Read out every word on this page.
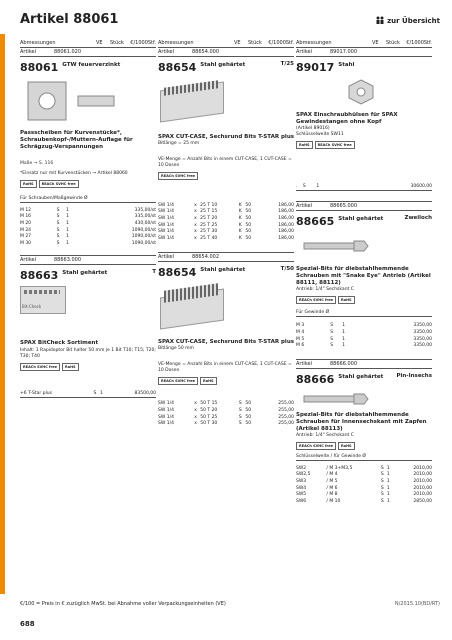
Artikel 88061	zur Übersicht
Abmessungen	VE	Stück	€/1000Stf.
Artikel	88061.020
88061 GTW feuerverzinkt
Passscheiben für Kurvenstücke*, Schraubenkopf-/Muttern-Auflage für Schrägzug-Verspannungen
Maße → S. 116
*Einsatz nur mit Kurvenstücken → Artikel 88060
RoHS	REACh SVHC free
Für Schrauben/Maßgewinde Ø
M 12	S	1	335,00/st
M 16	S	1	335,00/st
M 20	S	1	430,00/st
M 24	S	1	1090,00/st
M 27	S	1	1090,00/st
M 30	S	1	1090,00/st
Artikel	88663.000
88663 Stahl gehärtet	T
Bit-Check
SPAX BitCheck Sortiment
Inhalt: 1 Rapidoptor Bit halter 50 mm je 1 Bit T10; T15; T20; T30; T40
REACh SVHC free	RoHS
+6 T-Star plus	S	1	83500,00
Abmessungen	VE	Stück	€/1000Stf.
Artikel	88654.000
88654 Stahl gehärtet	T/25
SPAX CUT-CASE, Sechsrund Bits T-STAR plus
Bitlänge = 25 mm
VE-Menge = Anzahl Bits in einem CUT-CASE, 1 CUT-CASE = 10 Dosen
REACh SVHC free
SW 1/4	x	25 T 10	K	50	186,00
SW 1/4	x	25 T 15	K	50	186,00
SW 1/4	x	25 T 20	K	50	186,00
SW 1/4	x	25 T 25	K	50	186,00
SW 1/4	x	25 T 30	K	50	186,00
SW 1/4	x	25 T 40	K	50	186,00
Artikel	88654.002
88654 Stahl gehärtet	T/50
SPAX CUT-CASE, Sechsrund Bits T-STAR plus
Bitlänge 50 mm
VE-Menge = Anzahl Bits in einem CUT-CASE, 1 CUT-CASE = 10 Dosen
REACh SVHC free	RoHS
SW 1/4	x	50 T 15	S	50	255,00
SW 1/4	x	50 T 20	S	50	255,00
SW 1/4	x	50 T 25	S	50	255,00
SW 1/4	x	50 T 30	S	50	255,00
Abmessungen	VE	Stück	€/1000Stf.
Artikel	89017.000
89017 Stahl
SPAX Einschraubhülsen für SPAX Gewindestangen ohne Kopf
(Artikel 89016)
Schlüsselweite SW11
RoHS	REACh SVHC free
.	S	1	30600,00
Artikel	88665.000
88665 Stahl gehärtet	Zweiloch
Spezial-Bits für diebstahlhemmende Schrauben mit "Snake Eye" Antrieb (Artikel 88111, 88112)
Antrieb: 1/4" Sechskant C
REACh SVHC free	RoHS
Für Gewinde Ø
M 3	S	1	3350,00
M 4	S	1	3350,00
M 5	S	1	3350,00
M 6	S	1	3350,00
Artikel	88666.000
88666 Stahl gehärtet	Pin-Insechs
Spezial-Bits für diebstahlhemmende Schrauben für Innensechskant mit Zapfen (Artikel 88113)
Antrieb: 1/4" Sechskant C
REACh SVHC free	RoHS
Schlüsselweite / für Gewinde Ø
SW2	/ M 3+M3,5	S	1	2010,00
SW2,5	/ M 4	S	1	2010,00
SW3	/ M 5	S	1	2010,00
SW4	/ M 6	S	1	2010,00
SW5	/ M 8	S	1	2010,00
SW6	/ M 10	S	1	2850,00
€/100 = Preis in € zuzüglich MwSt. bei Abnahme voller Verpackungseinheiten (VE)	N/2015.10(BD/RT)
688
